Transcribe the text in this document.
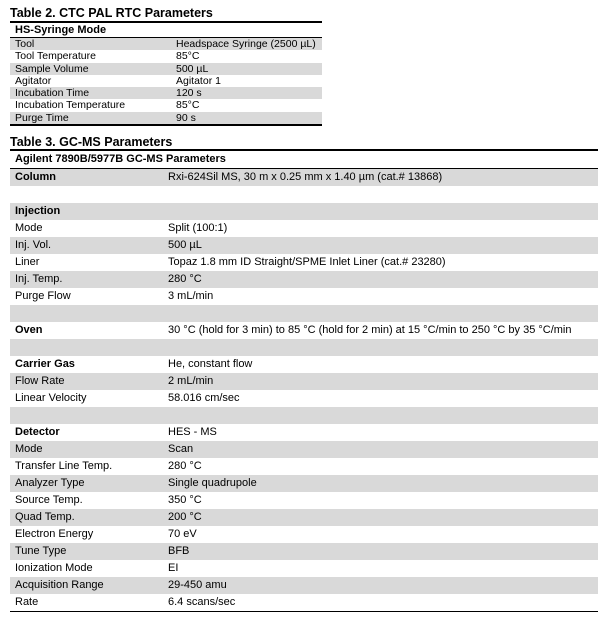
Table 2. CTC PAL RTC Parameters
HS-Syringe Mode
Tool	Headspace Syringe (2500 µL)
Tool Temperature	85°C
Sample Volume	500 µL
Agitator	Agitator 1
Incubation Time	120 s
Incubation Temperature	85°C
Purge Time	90 s
Table 3. GC-MS Parameters
Agilent 7890B/5977B GC-MS Parameters
Column	Rxi-624Sil MS, 30 m x 0.25 mm x 1.40 µm (cat.# 13868)
Injection
Mode	Split (100:1)
Inj. Vol.	500 µL
Liner	Topaz 1.8 mm ID Straight/SPME Inlet Liner (cat.# 23280)
Inj. Temp.	280 °C
Purge Flow	3 mL/min
Oven	30 °C (hold for 3 min) to 85 °C (hold for 2 min) at 15 °C/min to 250 °C by 35 °C/min
Carrier Gas	He, constant flow
Flow Rate	2 mL/min
Linear Velocity	58.016 cm/sec
Detector	HES - MS
Mode	Scan
Transfer Line Temp.	280 °C
Analyzer Type	Single quadrupole
Source Temp.	350 °C
Quad Temp.	200 °C
Electron Energy	70 eV
Tune Type	BFB
Ionization Mode	EI
Acquisition Range	29-450 amu
Rate	6.4 scans/sec
